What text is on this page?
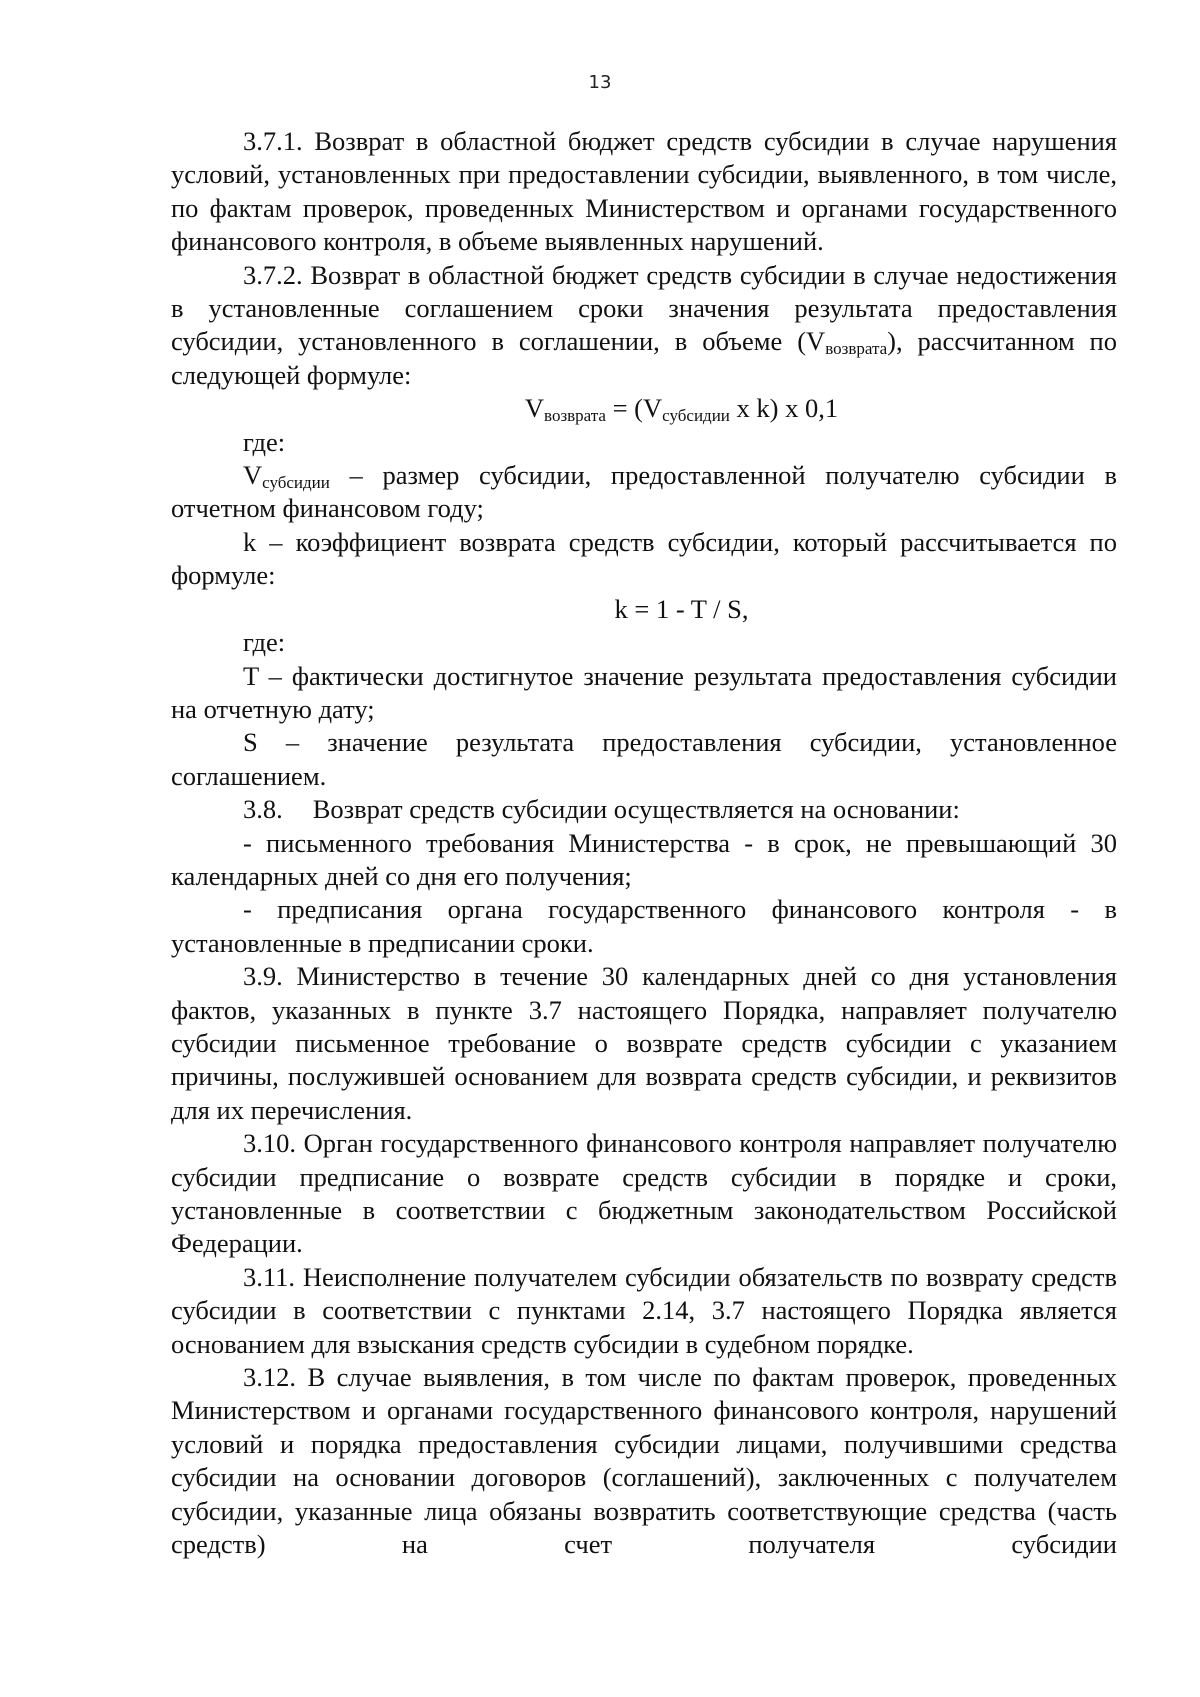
13

3.7.1. Возврат в областной бюджет средств субсидии в случае нарушения условий, установленных при предоставлении субсидии, выявленного, в том числе, по фактам проверок, проведенных Министерством и органами государственного финансового контроля, в объеме выявленных нарушений.

3.7.2. Возврат в областной бюджет средств субсидии в случае недостижения в установленные соглашением сроки значения результата предоставления субсидии, установленного в соглашении, в объеме (Vвозврата), рассчитанном по следующей формуле:

Vвозврата = (Vсубсидии x k) x 0,1

где:

Vсубсидии – размер субсидии, предоставленной получателю субсидии в отчетном финансовом году;

k – коэффициент возврата средств субсидии, который рассчитывается по формуле:

k = 1 - T / S,

где:

T – фактически достигнутое значение результата предоставления субсидии на отчетную дату;

S – значение результата предоставления субсидии, установленное соглашением.

3.8. Возврат средств субсидии осуществляется на основании:

- письменного требования Министерства - в срок, не превышающий 30 календарных дней со дня его получения;

- предписания органа государственного финансового контроля - в установленные в предписании сроки.

3.9. Министерство в течение 30 календарных дней со дня установления фактов, указанных в пункте 3.7 настоящего Порядка, направляет получателю субсидии письменное требование о возврате средств субсидии с указанием причины, послужившей основанием для возврата средств субсидии, и реквизитов для их перечисления.

3.10. Орган государственного финансового контроля направляет получателю субсидии предписание о возврате средств субсидии в порядке и сроки, установленные в соответствии с бюджетным законодательством Российской Федерации.

3.11. Неисполнение получателем субсидии обязательств по возврату средств субсидии в соответствии с пунктами 2.14, 3.7 настоящего Порядка является основанием для взыскания средств субсидии в судебном порядке.

3.12. В случае выявления, в том числе по фактам проверок, проведенных Министерством и органами государственного финансового контроля, нарушений условий и порядка предоставления субсидии лицами, получившими средства субсидии на основании договоров (соглашений), заключенных с получателем субсидии, указанные лица обязаны возвратить соответствующие средства (часть средств) на счет получателя субсидии
